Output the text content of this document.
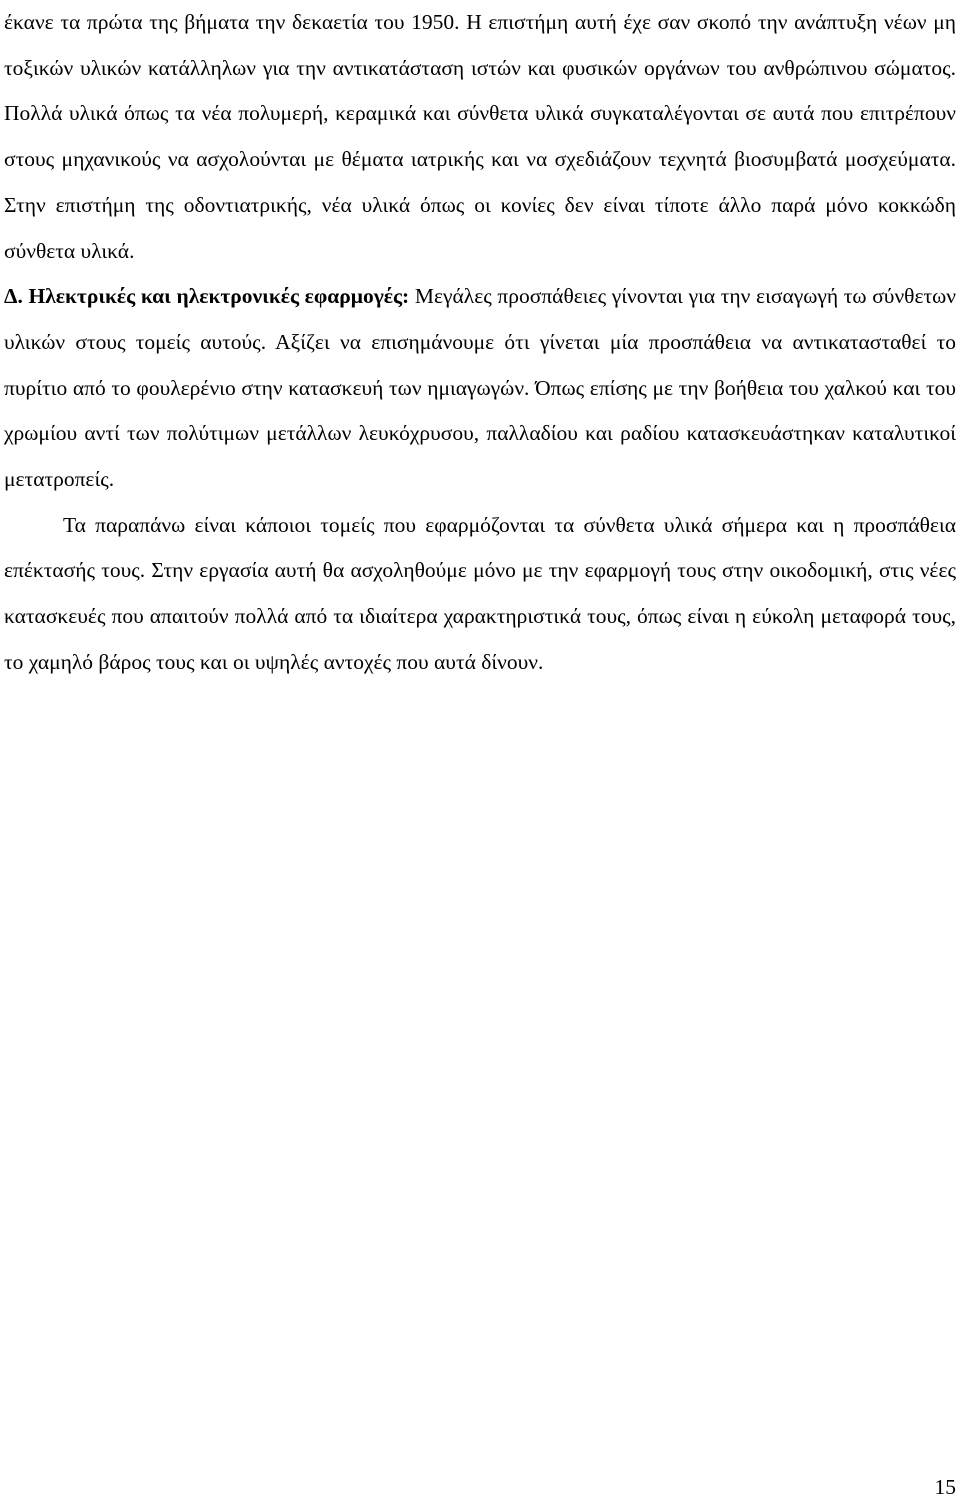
έκανε τα πρώτα της βήματα την δεκαετία του 1950. Η επιστήμη αυτή έχε σαν σκοπό την ανάπτυξη νέων μη τοξικών υλικών κατάλληλων για την αντικατάσταση ιστών και φυσικών οργάνων του ανθρώπινου σώματος. Πολλά υλικά όπως τα νέα πολυμερή, κεραμικά και σύνθετα υλικά συγκαταλέγονται σε αυτά που επιτρέπουν στους μηχανικούς να ασχολούνται με θέματα ιατρικής και να σχεδιάζουν τεχνητά βιοσυμβατά μοσχεύματα. Στην επιστήμη της οδοντιατρικής, νέα υλικά όπως οι κονίες δεν είναι τίποτε άλλο παρά μόνο κοκκώδη σύνθετα υλικά.

Δ. Ηλεκτρικές και ηλεκτρονικές εφαρμογές: Μεγάλες προσπάθειες γίνονται για την εισαγωγή τω σύνθετων υλικών στους τομείς αυτούς. Αξίζει να επισημάνουμε ότι γίνεται μία προσπάθεια να αντικατασταθεί το πυρίτιο από το φουλερένιο στην κατασκευή των ημιαγωγών. Όπως επίσης με την βοήθεια του χαλκού και του χρωμίου αντί των πολύτιμων μετάλλων λευκόχρυσου, παλλαδίου και ραδίου κατασκευάστηκαν καταλυτικοί μετατροπείς.

Τα παραπάνω είναι κάποιοι τομείς που εφαρμόζονται τα σύνθετα υλικά σήμερα και η προσπάθεια επέκτασής τους. Στην εργασία αυτή θα ασχοληθούμε μόνο με την εφαρμογή τους στην οικοδομική, στις νέες κατασκευές που απαιτούν πολλά από τα ιδιαίτερα χαρακτηριστικά τους, όπως είναι η εύκολη μεταφορά τους, το χαμηλό βάρος τους και οι υψηλές αντοχές που αυτά δίνουν.

15
